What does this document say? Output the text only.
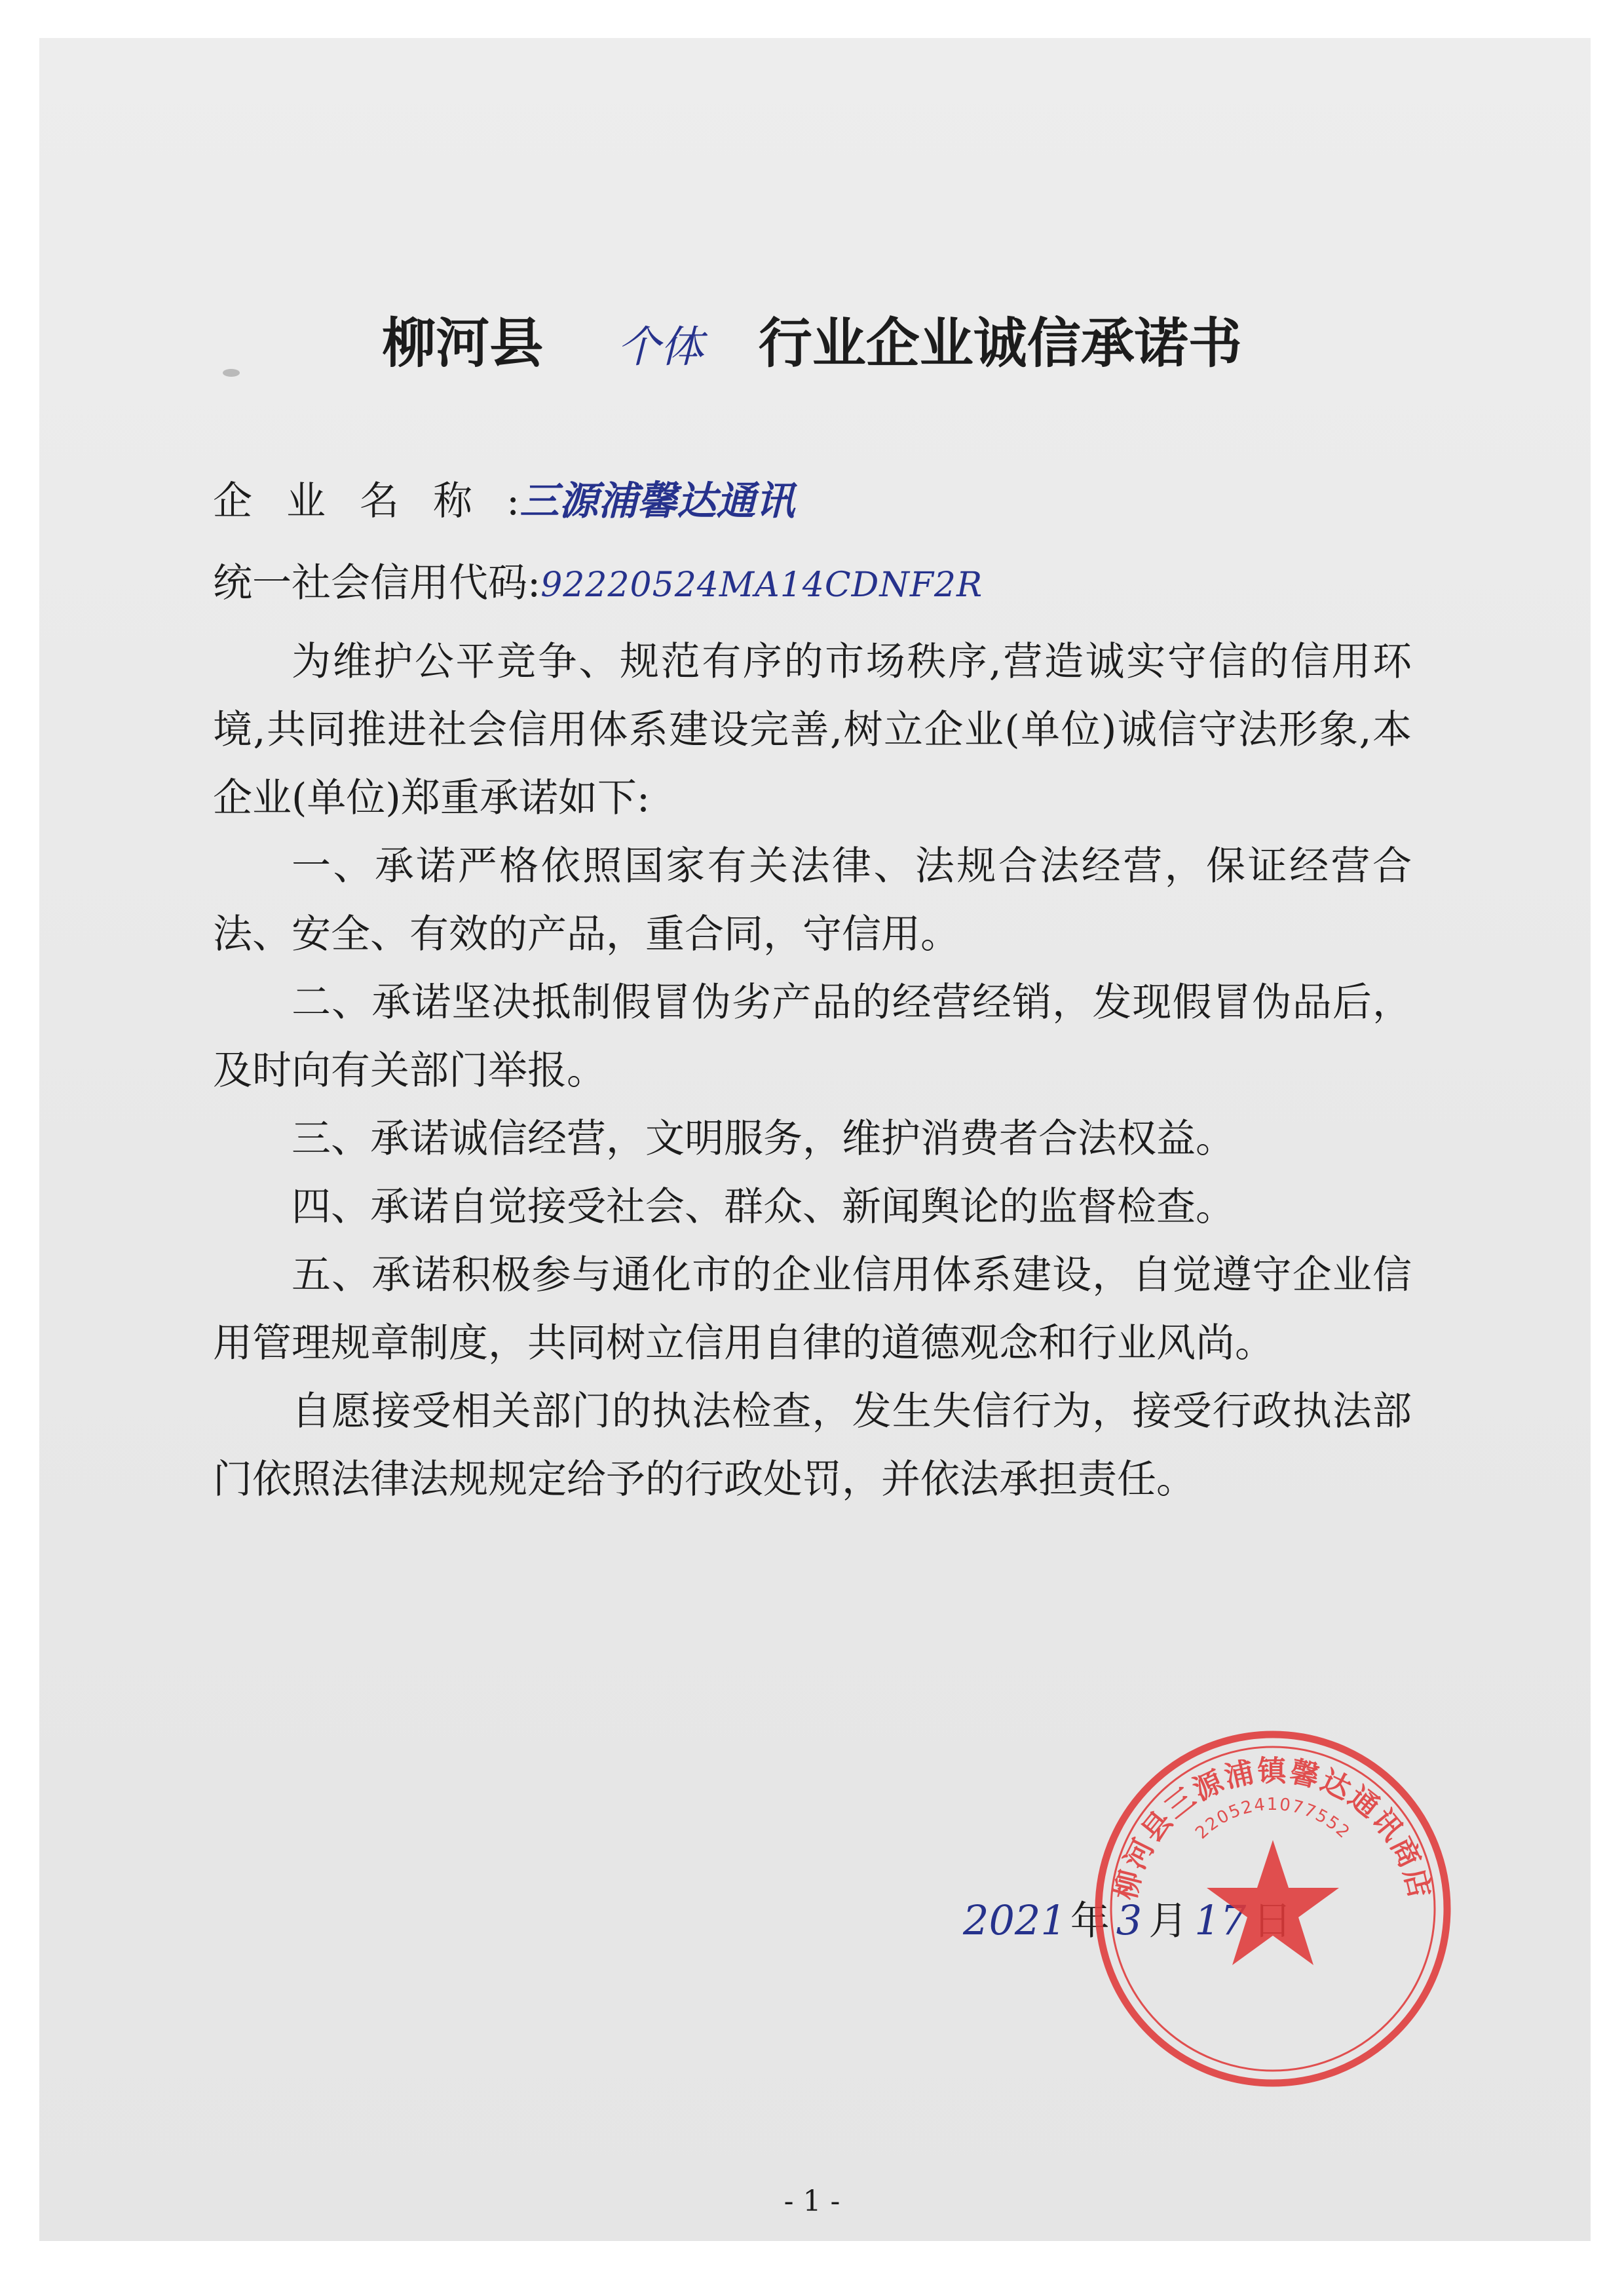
柳河县 个体 行业企业诚信承诺书
企业名称:三源浦馨达通讯
统一社会信用代码:92220524MA14CDNF2R

为维护公平竞争、规范有序的市场秩序,营造诚实守信的信用环境,共同推进社会信用体系建设完善,树立企业(单位)诚信守法形象,本企业(单位)郑重承诺如下:

一、承诺严格依照国家有关法律、法规合法经营，保证经营合法、安全、有效的产品，重合同，守信用。

二、承诺坚决抵制假冒伪劣产品的经营经销，发现假冒伪品后，及时向有关部门举报。

三、承诺诚信经营，文明服务，维护消费者合法权益。

四、承诺自觉接受社会、群众、新闻舆论的监督检查。

五、承诺积极参与通化市的企业信用体系建设，自觉遵守企业信用管理规章制度，共同树立信用自律的道德观念和行业风尚。

自愿接受相关部门的执法检查，发生失信行为，接受行政执法部门依照法律法规规定给予的行政处罚，并依法承担责任。

2021 年 3 月 17
柳河县三源浦镇馨达通讯商店
2205241077552
- 1 -
